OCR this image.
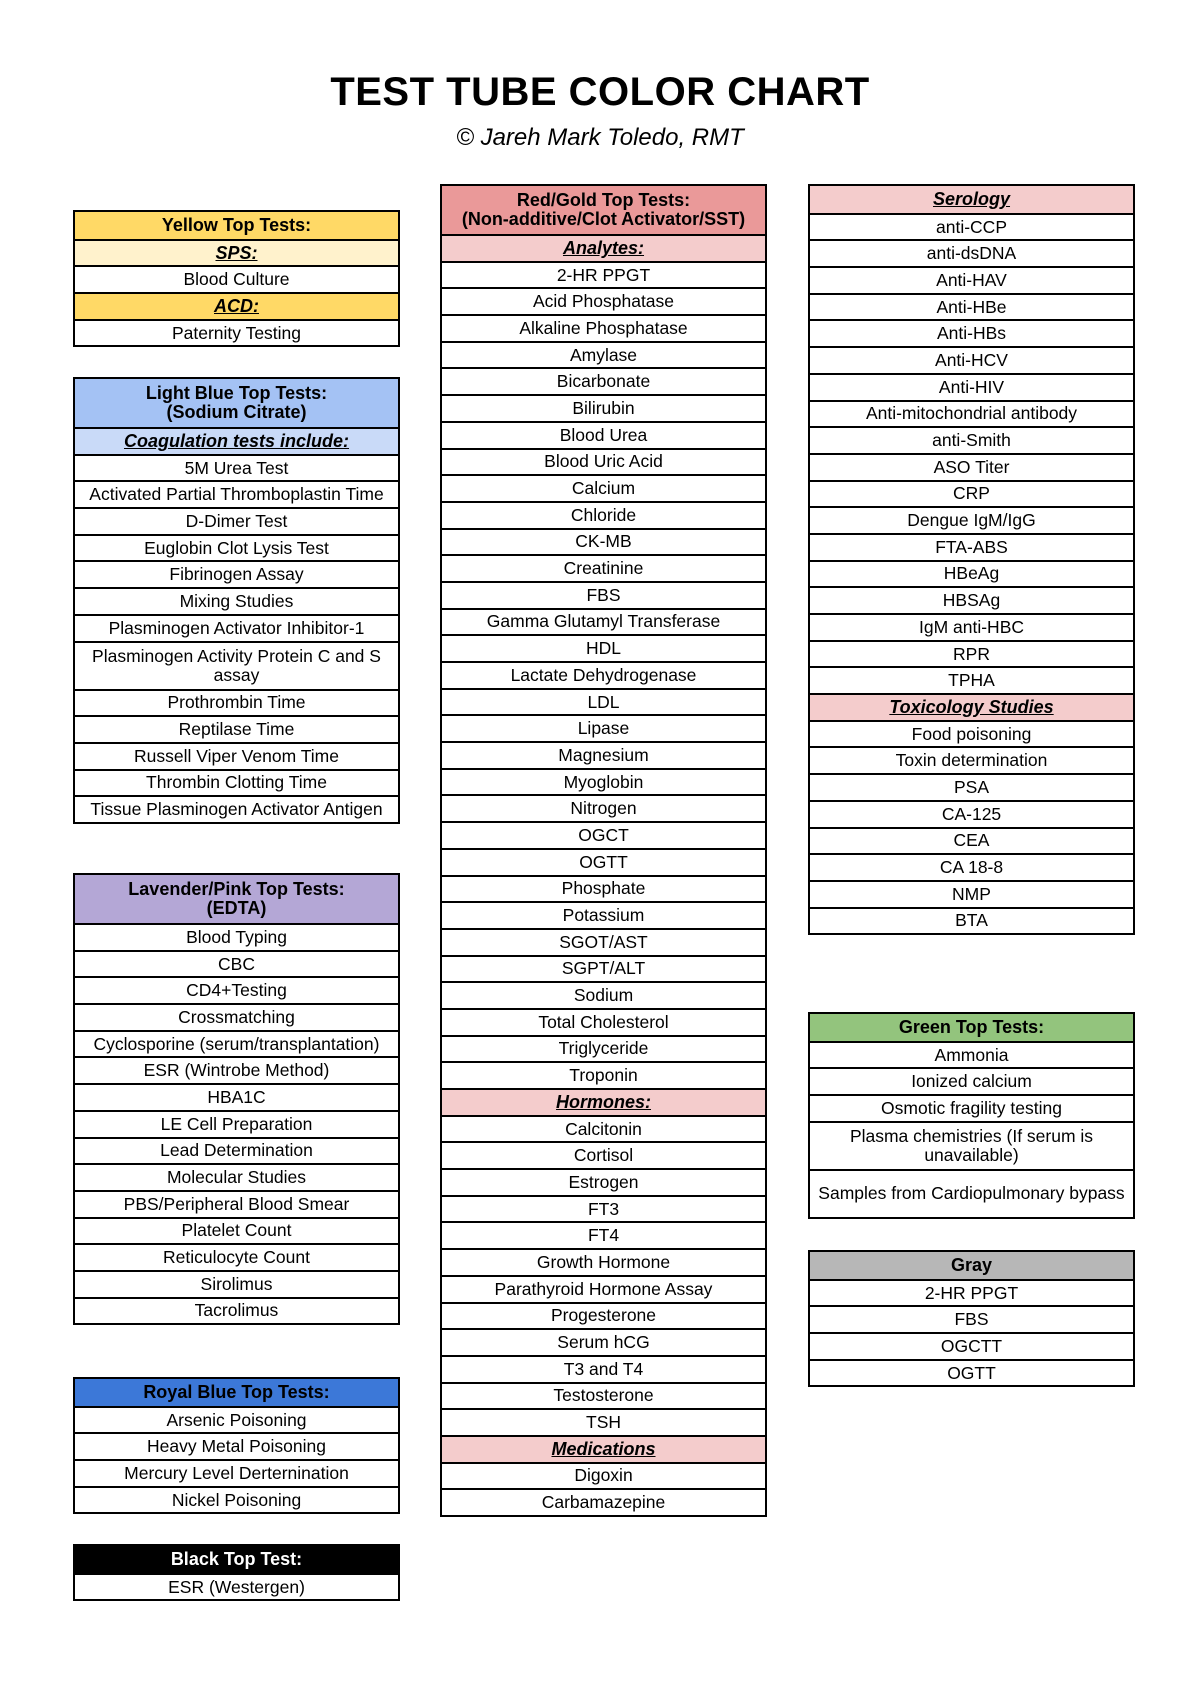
TEST TUBE COLOR CHART
© Jareh Mark Toledo, RMT
Yellow Top Tests:
SPS:
Blood Culture
ACD:
Paternity Testing
Light Blue Top Tests:
(Sodium Citrate)
Coagulation tests include:
5M Urea Test
Activated Partial Thromboplastin Time
D-Dimer Test
Euglobin Clot Lysis Test
Fibrinogen Assay
Mixing Studies
Plasminogen Activator Inhibitor-1
Plasminogen Activity Protein C and S assay
Prothrombin Time
Reptilase Time
Russell Viper Venom Time
Thrombin Clotting Time
Tissue Plasminogen Activator Antigen
Lavender/Pink Top Tests:
(EDTA)
Blood Typing
CBC
CD4+Testing
Crossmatching
Cyclosporine (serum/transplantation)
ESR (Wintrobe Method)
HBA1C
LE Cell Preparation
Lead Determination
Molecular Studies
PBS/Peripheral Blood Smear
Platelet Count
Reticulocyte Count
Sirolimus
Tacrolimus
Royal Blue Top Tests:
Arsenic Poisoning
Heavy Metal Poisoning
Mercury Level Derternination
Nickel Poisoning
Black Top Test:
ESR (Westergen)
Red/Gold Top Tests:
(Non-additive/Clot Activator/SST)
Analytes:
2-HR PPGT
Acid Phosphatase
Alkaline Phosphatase
Amylase
Bicarbonate
Bilirubin
Blood Urea
Blood Uric Acid
Calcium
Chloride
CK-MB
Creatinine
FBS
Gamma Glutamyl Transferase
HDL
Lactate Dehydrogenase
LDL
Lipase
Magnesium
Myoglobin
Nitrogen
OGCT
OGTT
Phosphate
Potassium
SGOT/AST
SGPT/ALT
Sodium
Total Cholesterol
Triglyceride
Troponin
Hormones:
Calcitonin
Cortisol
Estrogen
FT3
FT4
Growth Hormone
Parathyroid Hormone Assay
Progesterone
Serum hCG
T3 and T4
Testosterone
TSH
Medications
Digoxin
Carbamazepine
Serology
anti-CCP
anti-dsDNA
Anti-HAV
Anti-HBe
Anti-HBs
Anti-HCV
Anti-HIV
Anti-mitochondrial antibody
anti-Smith
ASO Titer
CRP
Dengue IgM/IgG
FTA-ABS
HBeAg
HBSAg
IgM anti-HBC
RPR
TPHA
Toxicology Studies
Food poisoning
Toxin determination
PSA
CA-125
CEA
CA 18-8
NMP
BTA
Green Top Tests:
Ammonia
Ionized calcium
Osmotic fragility testing
Plasma chemistries (If serum is unavailable)
Samples from Cardiopulmonary bypass
Gray
2-HR PPGT
FBS
OGCTT
OGTT
